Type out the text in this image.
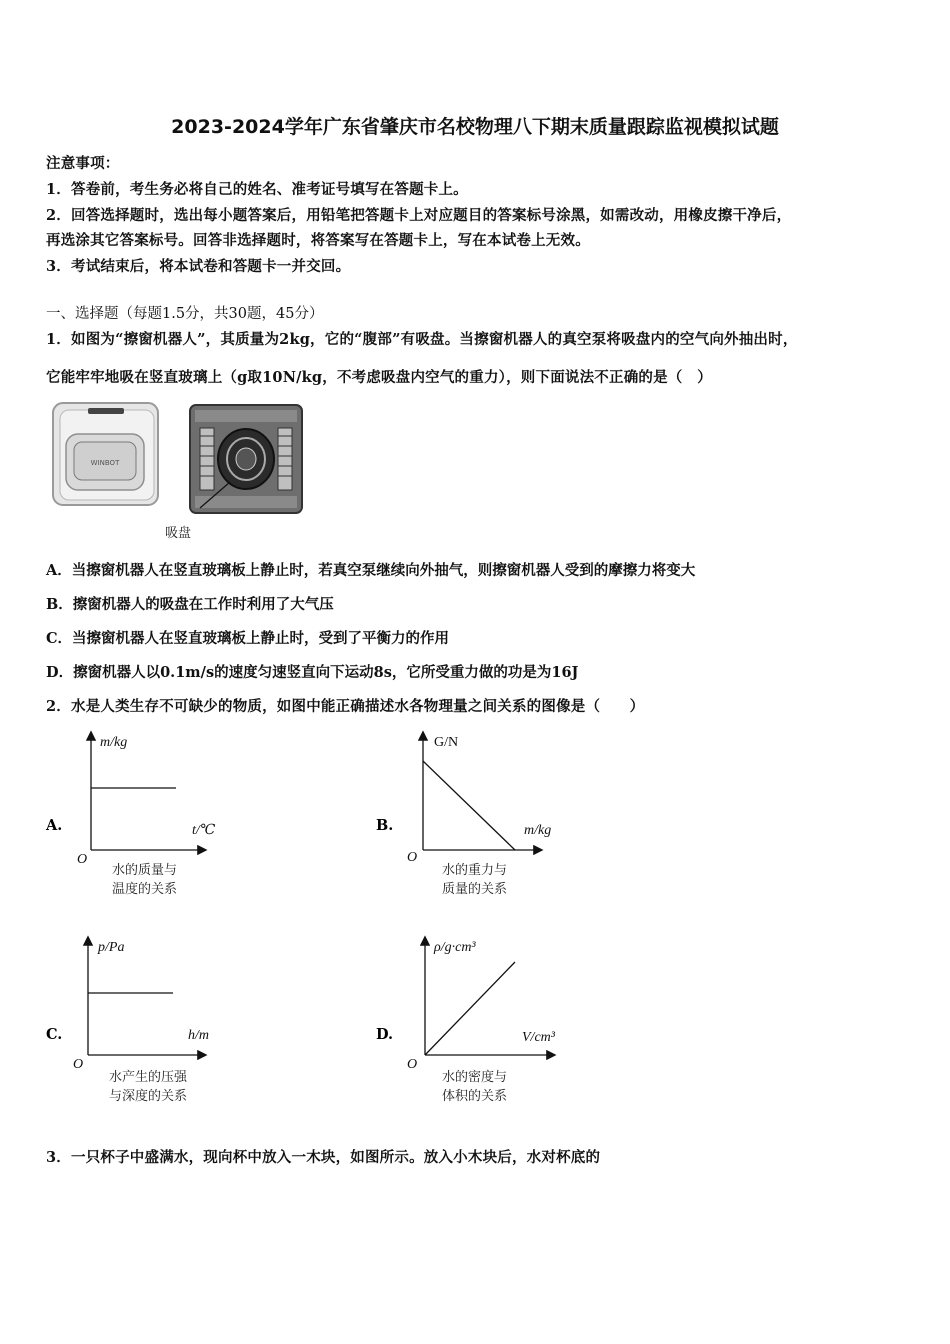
2023-2024学年广东省肇庆市名校物理八下期末质量跟踪监视模拟试题
注意事项：
1．答卷前，考生务必将自己的姓名、准考证号填写在答题卡上。
2．回答选择题时，选出每小题答案后，用铅笔把答题卡上对应题目的答案标号涂黑，如需改动，用橡皮擦干净后，
再选涂其它答案标号。回答非选择题时，将答案写在答题卡上，写在本试卷上无效。
3．考试结束后，将本试卷和答题卡一并交回。
一、选择题（每题1.5分，共30题，45分）
1．如图为“擦窗机器人”，其质量为2kg，它的“腹部”有吸盘。当擦窗机器人的真空泵将吸盘内的空气向外抽出时，
它能牢牢地吸在竖直玻璃上（g取10N/kg，不考虑吸盘内空气的重力），则下面说法不正确的是（　）
WINBOT
吸盘
A．当擦窗机器人在竖直玻璃板上静止时，若真空泵继续向外抽气，则擦窗机器人受到的摩擦力将变大
B．擦窗机器人的吸盘在工作时利用了大气压
C．当擦窗机器人在竖直玻璃板上静止时，受到了平衡力的作用
D．擦窗机器人以0.1m/s的速度匀速竖直向下运动8s，它所受重力做的功是为16J
2．水是人类生存不可缺少的物质，如图中能正确描述水各物理量之间关系的图像是（　　）
A.
m/kg
t/℃
O
水的质量与
温度的关系
B.
G/N
m/kg
O
水的重力与
质量的关系
C.
p/Pa
h/m
O
水产生的压强
与深度的关系
D.
ρ/g·cm³
V/cm³
O
水的密度与
体积的关系
3．一只杯子中盛满水，现向杯中放入一木块，如图所示。放入小木块后，水对杯底的
